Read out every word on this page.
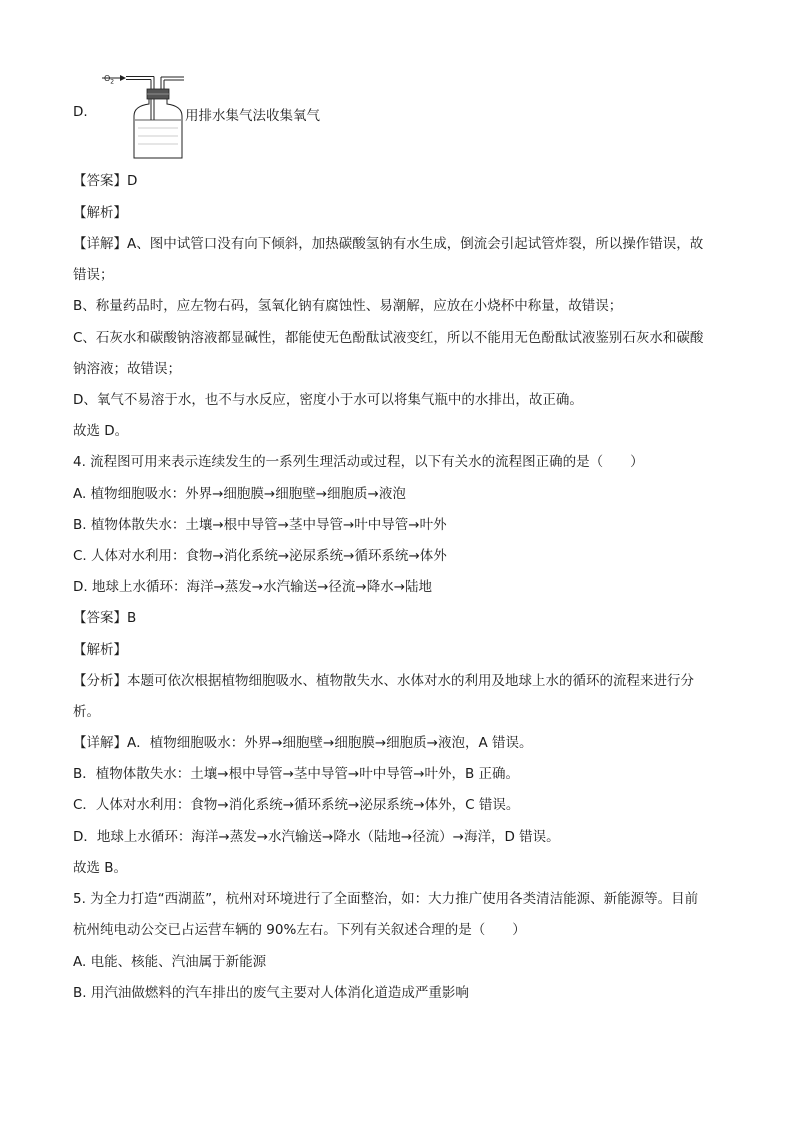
D.
$O_2$
用排水集气法收集氧气
【答案】D
【解析】
【详解】A、图中试管口没有向下倾斜，加热碳酸氢钠有水生成，倒流会引起试管炸裂，所以操作错误，故
错误；
B、称量药品时，应左物右码，氢氧化钠有腐蚀性、易潮解，应放在小烧杯中称量，故错误；
C、石灰水和碳酸钠溶液都显碱性，都能使无色酚酞试液变红，所以不能用无色酚酞试液鉴别石灰水和碳酸
钠溶液；故错误；
D、氧气不易溶于水，也不与水反应，密度小于水可以将集气瓶中的水排出，故正确。
故选 D。
4. 流程图可用来表示连续发生的一系列生理活动或过程，以下有关水的流程图正确的是（　　）
A. 植物细胞吸水：外界→细胞膜→细胞壁→细胞质→液泡
B. 植物体散失水：土壤→根中导管→茎中导管→叶中导管→叶外
C. 人体对水利用：食物→消化系统→泌尿系统→循环系统→体外
D. 地球上水循环：海洋→蒸发→水汽输送→径流→降水→陆地
【答案】B
【解析】
【分析】本题可依次根据植物细胞吸水、植物散失水、水体对水的利用及地球上水的循环的流程来进行分
析。
【详解】A．植物细胞吸水：外界→细胞壁→细胞膜→细胞质→液泡，A 错误。
B．植物体散失水：土壤→根中导管→茎中导管→叶中导管→叶外，B 正确。
C．人体对水利用：食物→消化系统→循环系统→泌尿系统→体外，C 错误。
D．地球上水循环：海洋→蒸发→水汽输送→降水（陆地→径流）→海洋，D 错误。
故选 B。
5. 为全力打造“西湖蓝”，杭州对环境进行了全面整治，如：大力推广使用各类清洁能源、新能源等。目前
杭州纯电动公交已占运营车辆的 90%左右。下列有关叙述合理的是（　　）
A. 电能、核能、汽油属于新能源
B. 用汽油做燃料的汽车排出的废气主要对人体消化道造成严重影响
